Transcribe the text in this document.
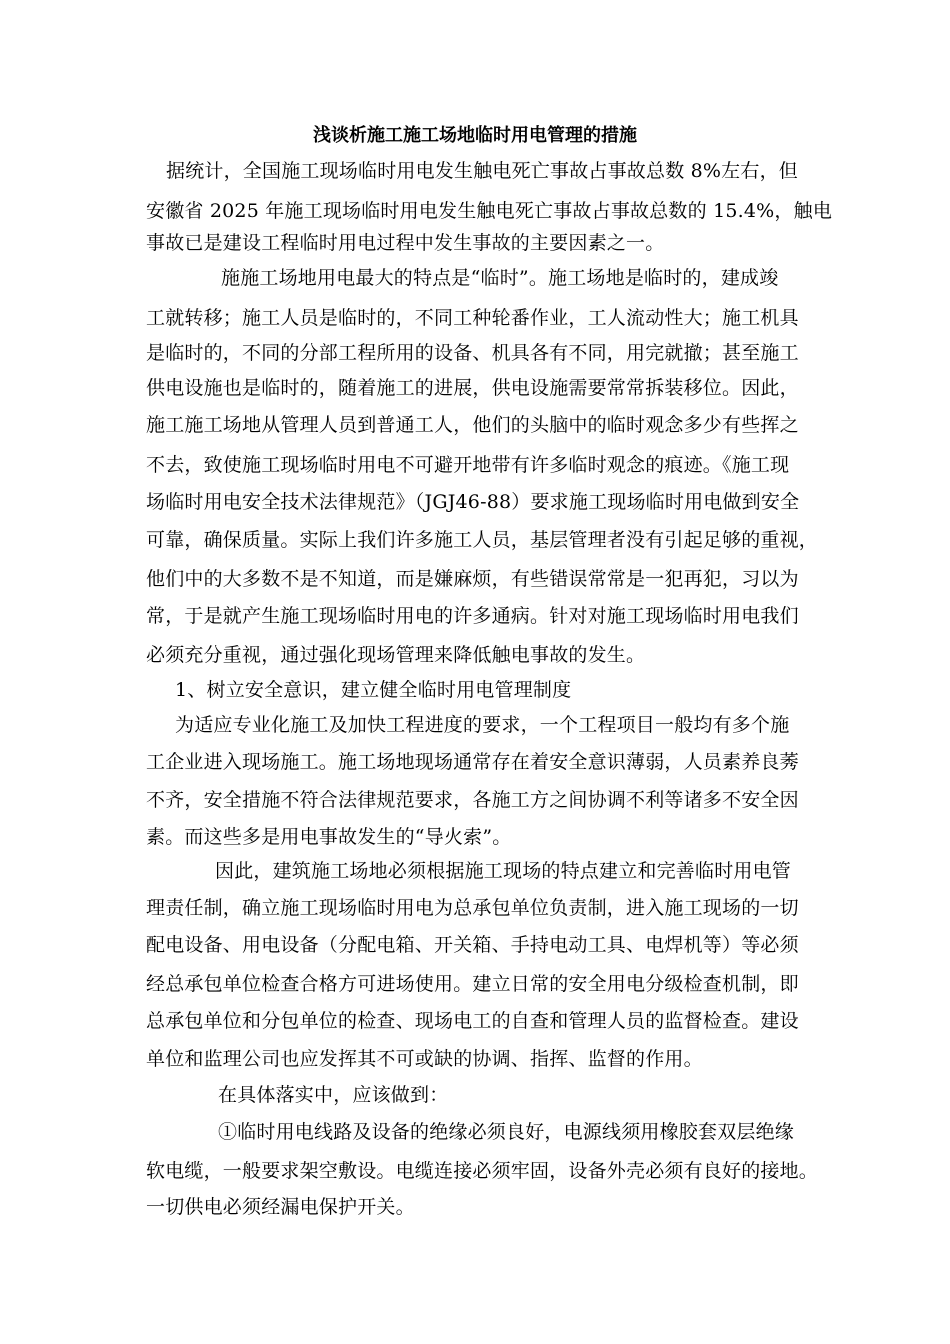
浅谈析施工施工场地临时用电管理的措施
据统计，全国施工现场临时用电发生触电死亡事故占事故总数 8%左右，但
安徽省 2025 年施工现场临时用电发生触电死亡事故占事故总数的 15.4%，触电
事故已是建设工程临时用电过程中发生事故的主要因素之一。
施施工场地用电最大的特点是“临时”。施工场地是临时的，建成竣
工就转移；施工人员是临时的，不同工种轮番作业，工人流动性大；施工机具
是临时的，不同的分部工程所用的设备、机具各有不同，用完就撤；甚至施工
供电设施也是临时的，随着施工的进展，供电设施需要常常拆装移位。因此，
施工施工场地从管理人员到普通工人，他们的头脑中的临时观念多少有些挥之
不去，致使施工现场临时用电不可避开地带有许多临时观念的痕迹。《施工现
场临时用电安全技术法律规范》（JGJ46-88）要求施工现场临时用电做到安全
可靠，确保质量。实际上我们许多施工人员，基层管理者没有引起足够的重视，
他们中的大多数不是不知道，而是嫌麻烦，有些错误常常是一犯再犯，习以为
常，于是就产生施工现场临时用电的许多通病。针对对施工现场临时用电我们
必须充分重视，通过强化现场管理来降低触电事故的发生。
1、树立安全意识，建立健全临时用电管理制度
为适应专业化施工及加快工程进度的要求，一个工程项目一般均有多个施
工企业进入现场施工。施工场地现场通常存在着安全意识薄弱，人员素养良莠
不齐，安全措施不符合法律规范要求，各施工方之间协调不利等诸多不安全因
素。而这些多是用电事故发生的“导火索”。
因此，建筑施工场地必须根据施工现场的特点建立和完善临时用电管
理责任制，确立施工现场临时用电为总承包单位负责制，进入施工现场的一切
配电设备、用电设备（分配电箱、开关箱、手持电动工具、电焊机等）等必须
经总承包单位检查合格方可进场使用。建立日常的安全用电分级检查机制，即
总承包单位和分包单位的检查、现场电工的自查和管理人员的监督检查。建设
单位和监理公司也应发挥其不可或缺的协调、指挥、监督的作用。
在具体落实中，应该做到：
①临时用电线路及设备的绝缘必须良好，电源线须用橡胶套双层绝缘
软电缆，一般要求架空敷设。电缆连接必须牢固，设备外壳必须有良好的接地。
一切供电必须经漏电保护开关。
